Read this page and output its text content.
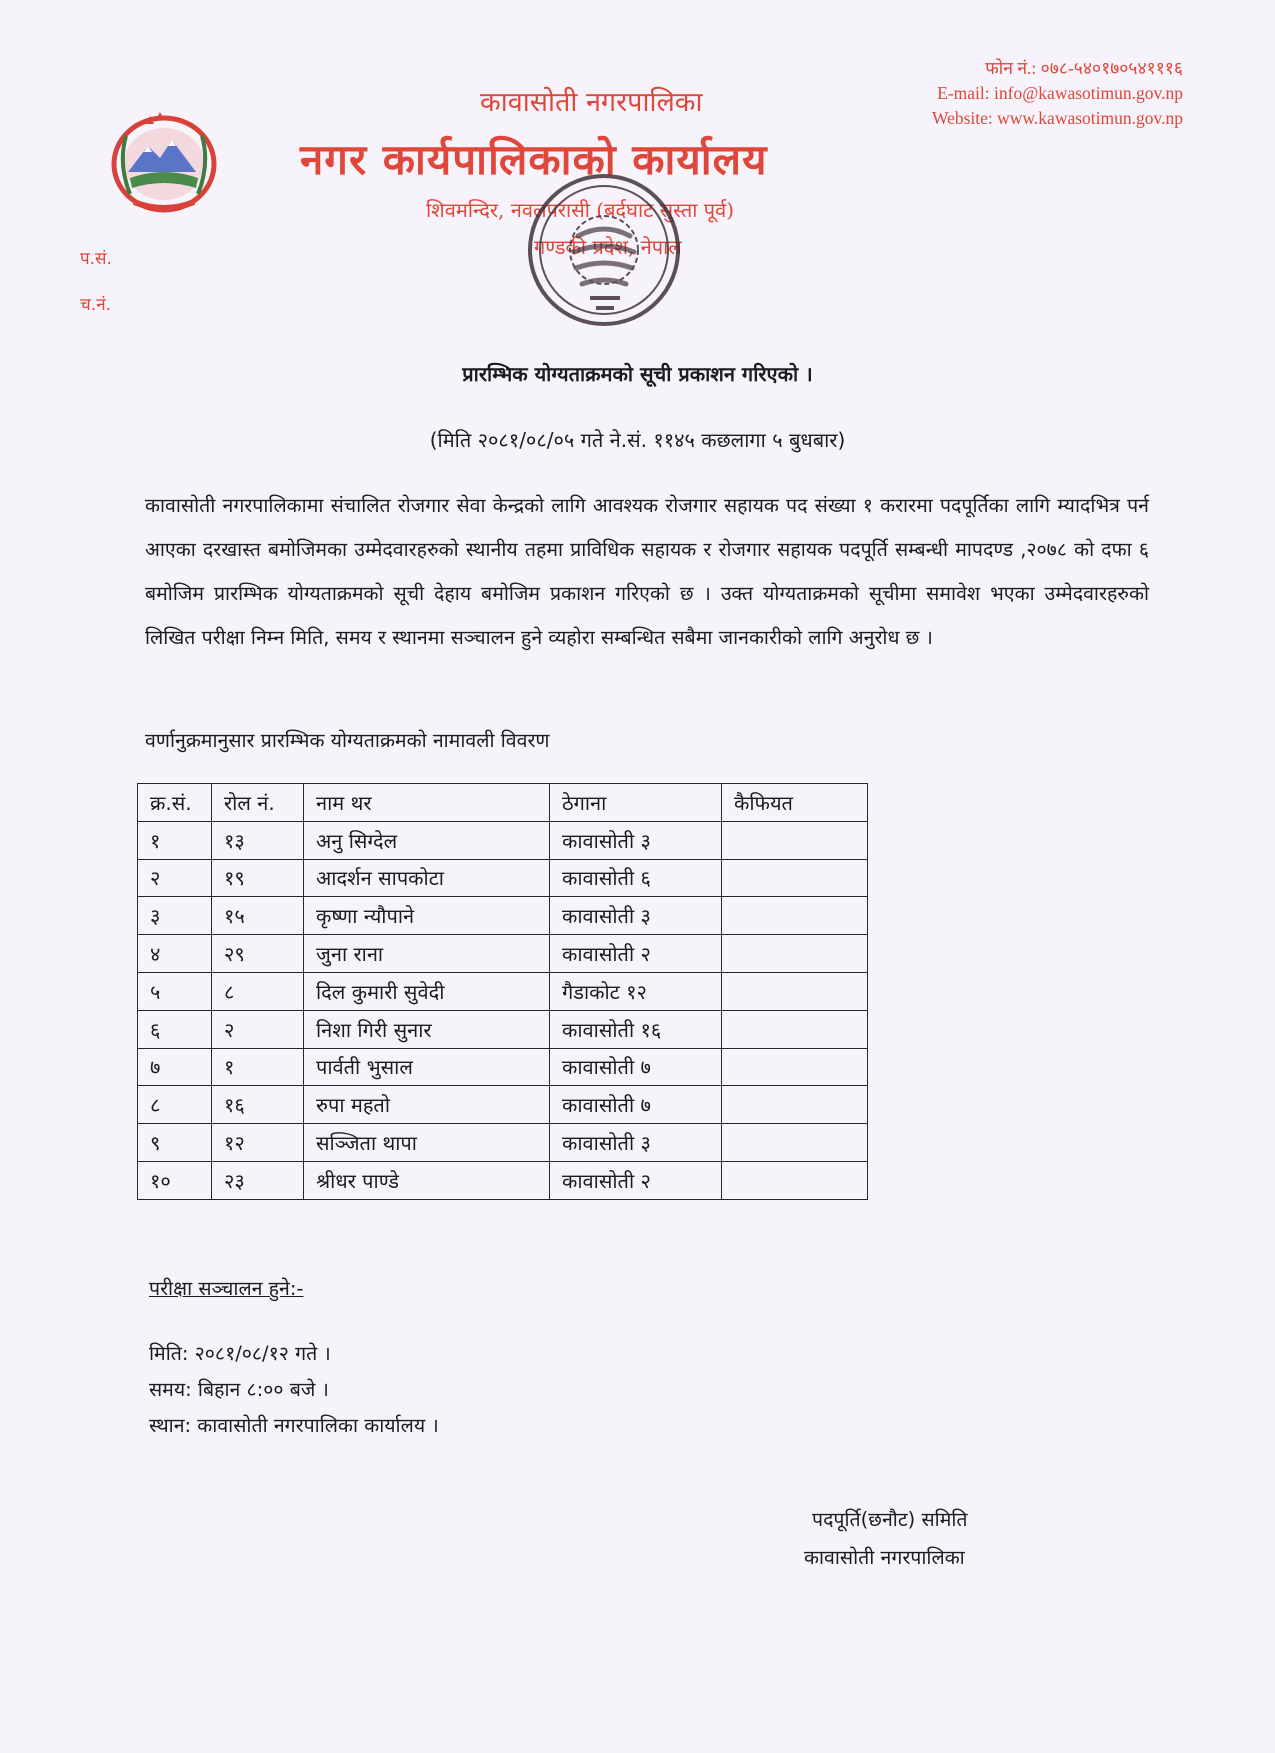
कावासोती नगरपालिका
नगर कार्यपालिकाको कार्यालय
शिवमन्दिर, नवलपरासी (बर्दघाट सुस्ता पूर्व)
गण्डकी प्रदेश, नेपाल
फोन नं.: ०७८-५४०१७०५४१११६
E-mail: info@kawasotimun.gov.np
Website: www.kawasotimun.gov.np
प.सं.
च.नं.
प्रारम्भिक योग्यताक्रमको सूची प्रकाशन गरिएको ।
(मिति २०८१/०८/०५ गते ने.सं. ११४५ कछलागा ५ बुधबार)
कावासोती नगरपालिकामा संचालित रोजगार सेवा केन्द्रको लागि आवश्यक रोजगार सहायक पद संख्या १ करारमा पदपूर्तिका लागि म्यादभित्र पर्न आएका दरखास्त बमोजिमका उम्मेदवारहरुको स्थानीय तहमा प्राविधिक सहायक र रोजगार सहायक पदपूर्ति सम्बन्धी मापदण्ड ,२०७८ को दफा ६ बमोजिम प्रारम्भिक योग्यताक्रमको सूची देहाय बमोजिम प्रकाशन गरिएको छ । उक्त योग्यताक्रमको सूचीमा समावेश भएका उम्मेदवारहरुको लिखित परीक्षा निम्न मिति, समय र स्थानमा सञ्चालन हुने व्यहोरा सम्बन्धित सबैमा जानकारीको लागि अनुरोध छ ।
वर्णानुक्रमानुसार प्रारम्भिक योग्यताक्रमको नामावली विवरण
क्र.सं.	रोल नं.	नाम थर	ठेगाना	कैफियत
१	१३	अनु सिग्देल	कावासोती ३	
२	१९	आदर्शन सापकोटा	कावासोती ६	
३	१५	कृष्णा न्यौपाने	कावासोती ३	
४	२९	जुना राना	कावासोती २	
५	८	दिल कुमारी सुवेदी	गैडाकोट १२	
६	२	निशा गिरी सुनार	कावासोती १६	
७	१	पार्वती भुसाल	कावासोती ७	
८	१६	रुपा महतो	कावासोती ७	
९	१२	सञ्जिता थापा	कावासोती ३	
१०	२३	श्रीधर पाण्डे	कावासोती २	
परीक्षा सञ्चालन हुने:-
मिति: २०८१/०८/१२ गते ।
समय: बिहान ८:०० बजे ।
स्थान: कावासोती नगरपालिका कार्यालय ।
पदपूर्ति(छनौट) समिति
कावासोती नगरपालिका
